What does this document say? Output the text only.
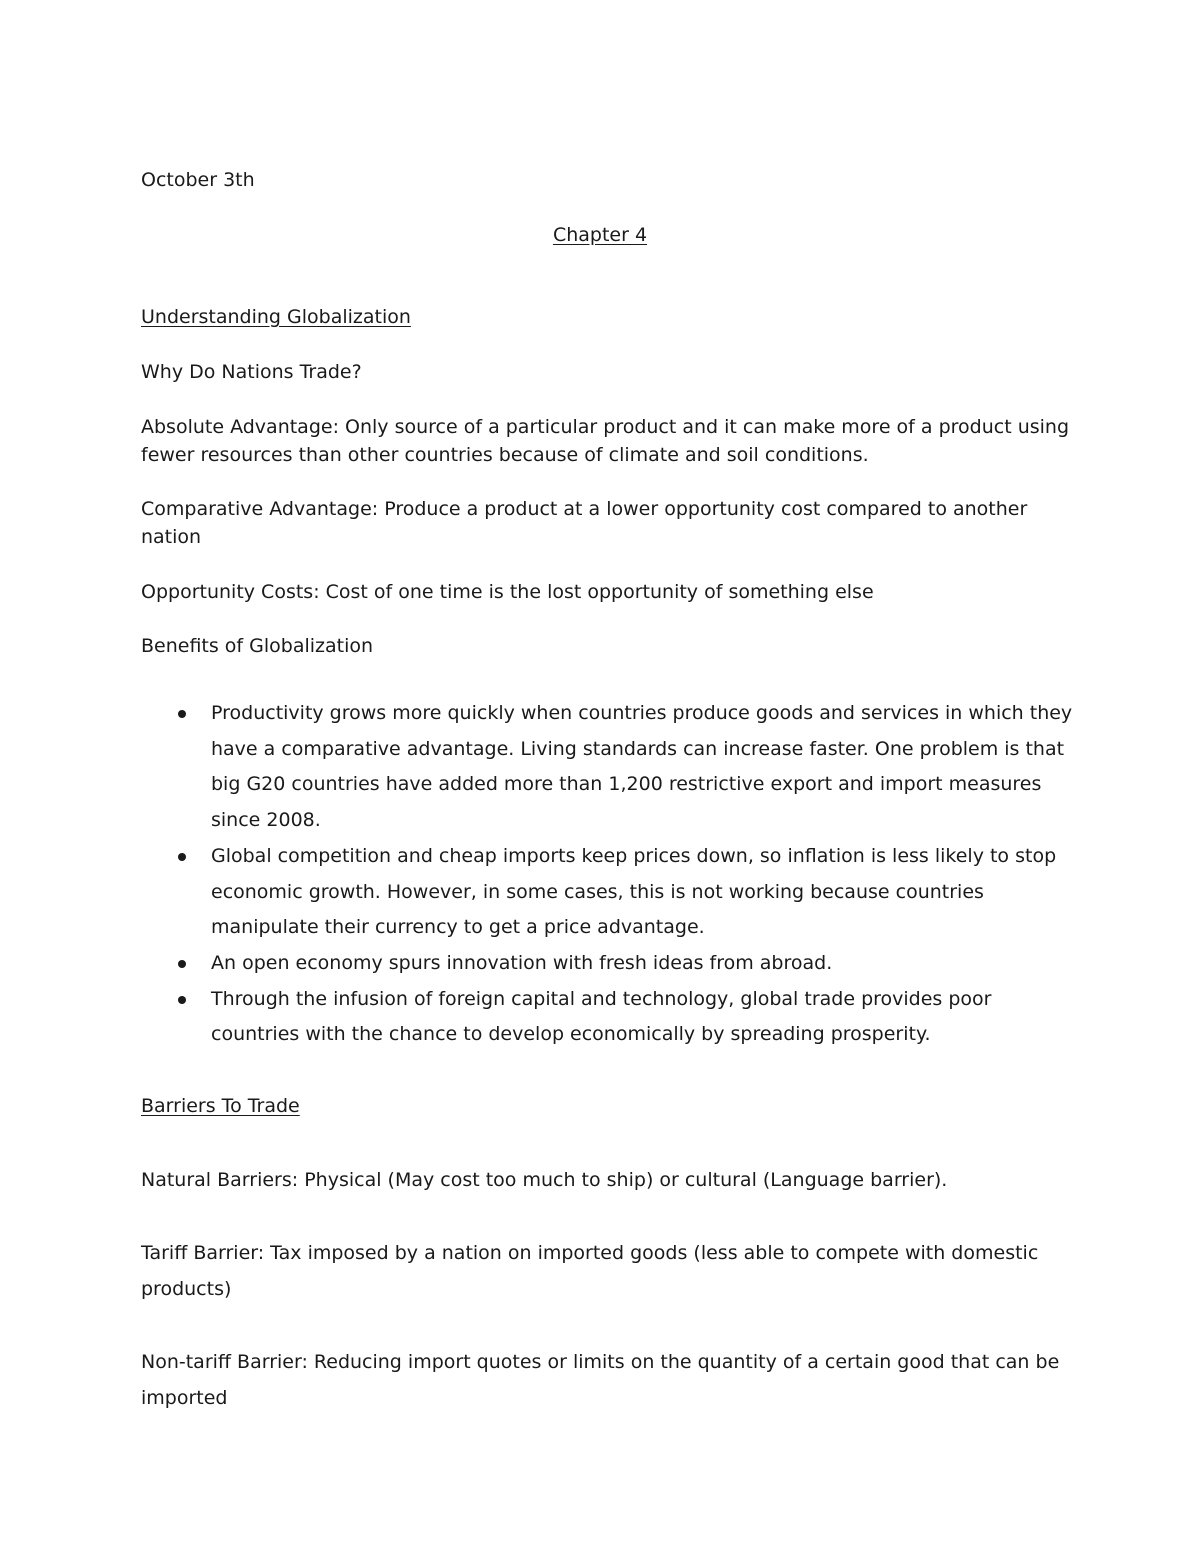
October 3th

Chapter 4

Understanding Globalization

Why Do Nations Trade?

Absolute Advantage: Only source of a particular product and it can make more of a product using fewer resources than other countries because of climate and soil conditions.

Comparative Advantage: Produce a product at a lower opportunity cost compared to another nation

Opportunity Costs: Cost of one time is the lost opportunity of something else

Benefits of Globalization

Productivity grows more quickly when countries produce goods and services in which they have a comparative advantage. Living standards can increase faster. One problem is that big G20 countries have added more than 1,200 restrictive export and import measures since 2008.
Global competition and cheap imports keep prices down, so inflation is less likely to stop economic growth. However, in some cases, this is not working because countries manipulate their currency to get a price advantage.
An open economy spurs innovation with fresh ideas from abroad.
Through the infusion of foreign capital and technology, global trade provides poor countries with the chance to develop economically by spreading prosperity.

Barriers To Trade

Natural Barriers: Physical (May cost too much to ship) or cultural (Language barrier).

Tariff Barrier: Tax imposed by a nation on imported goods (less able to compete with domestic products)

Non-tariff Barrier: Reducing import quotes or limits on the quantity of a certain good that can be imported
